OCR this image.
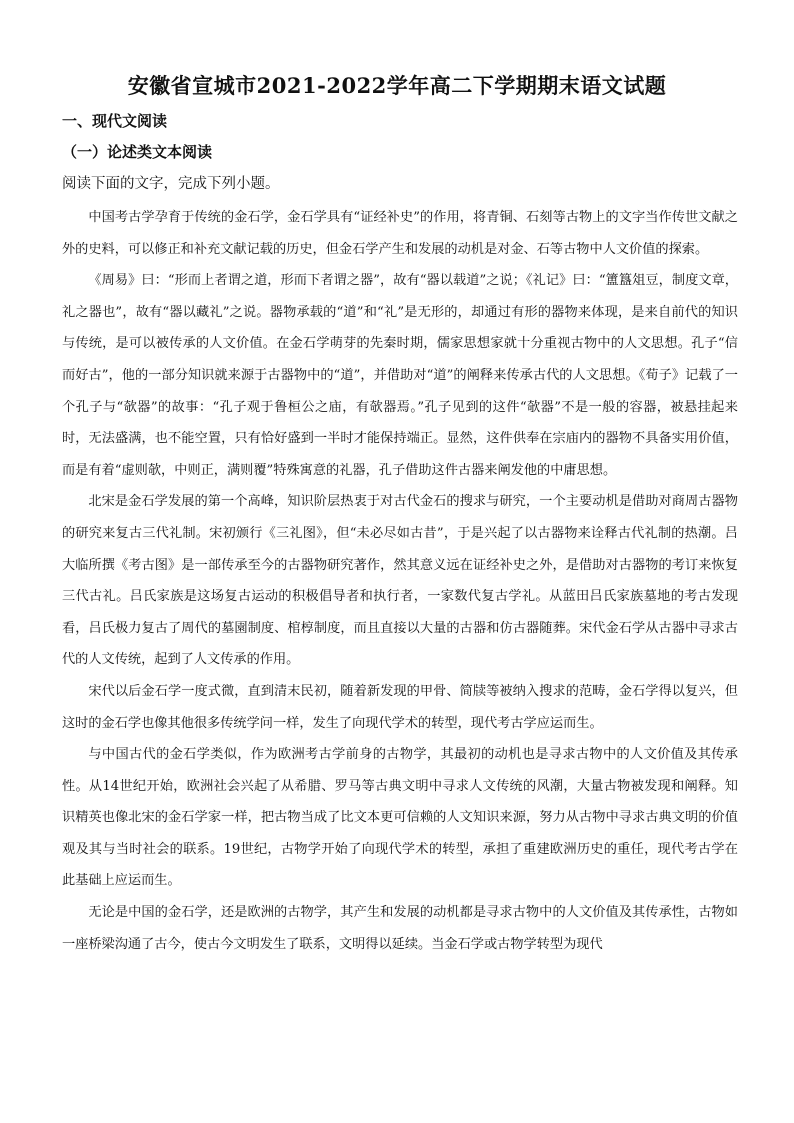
安徽省宣城市2021-2022学年高二下学期期末语文试题
一、现代文阅读
（一）论述类文本阅读
阅读下面的文字，完成下列小题。

中国考古学孕育于传统的金石学，金石学具有“证经补史”的作用，将青铜、石刻等古物上的文字当作传世文献之外的史料，可以修正和补充文献记载的历史，但金石学产生和发展的动机是对金、石等古物中人文价值的探索。

《周易》曰：“形而上者谓之道，形而下者谓之器”，故有“器以载道”之说；《礼记》曰：“簠簋俎豆，制度文章，礼之器也”，故有“器以藏礼”之说。器物承载的“道”和“礼”是无形的，却通过有形的器物来体现，是来自前代的知识与传统，是可以被传承的人文价值。在金石学萌芽的先秦时期，儒家思想家就十分重视古物中的人文思想。孔子“信而好古”，他的一部分知识就来源于古器物中的“道”，并借助对“道”的阐释来传承古代的人文思想。《荀子》记载了一个孔子与“欹器”的故事：“孔子观于鲁桓公之庙，有欹器焉。”孔子见到的这件“欹器”不是一般的容器，被悬挂起来时，无法盛满，也不能空置，只有恰好盛到一半时才能保持端正。显然，这件供奉在宗庙内的器物不具备实用价值，而是有着“虚则欹，中则正，满则覆”特殊寓意的礼器，孔子借助这件古器来阐发他的中庸思想。

北宋是金石学发展的第一个高峰，知识阶层热衷于对古代金石的搜求与研究，一个主要动机是借助对商周古器物的研究来复古三代礼制。宋初颁行《三礼图》，但“未必尽如古昔”，于是兴起了以古器物来诠释古代礼制的热潮。吕大临所撰《考古图》是一部传承至今的古器物研究著作，然其意义远在证经补史之外，是借助对古器物的考订来恢复三代古礼。吕氏家族是这场复古运动的积极倡导者和执行者，一家数代复古学礼。从蓝田吕氏家族墓地的考古发现看，吕氏极力复古了周代的墓園制度、棺椁制度，而且直接以大量的古器和仿古器随葬。宋代金石学从古器中寻求古代的人文传统，起到了人文传承的作用。

宋代以后金石学一度式微，直到清末民初，随着新发现的甲骨、简牍等被纳入搜求的范畴，金石学得以复兴，但这时的金石学也像其他很多传统学问一样，发生了向现代学术的转型，现代考古学应运而生。

与中国古代的金石学类似，作为欧洲考古学前身的古物学，其最初的动机也是寻求古物中的人文价值及其传承性。从14世纪开始，欧洲社会兴起了从希腊、罗马等古典文明中寻求人文传统的风潮，大量古物被发现和阐释。知识精英也像北宋的金石学家一样，把古物当成了比文本更可信赖的人文知识来源，努力从古物中寻求古典文明的价值观及其与当时社会的联系。19世纪，古物学开始了向现代学术的转型，承担了重建欧洲历史的重任，现代考古学在此基础上应运而生。

无论是中国的金石学，还是欧洲的古物学，其产生和发展的动机都是寻求古物中的人文价值及其传承性，古物如一座桥梁沟通了古今，使古今文明发生了联系，文明得以延续。当金石学或古物学转型为现代
